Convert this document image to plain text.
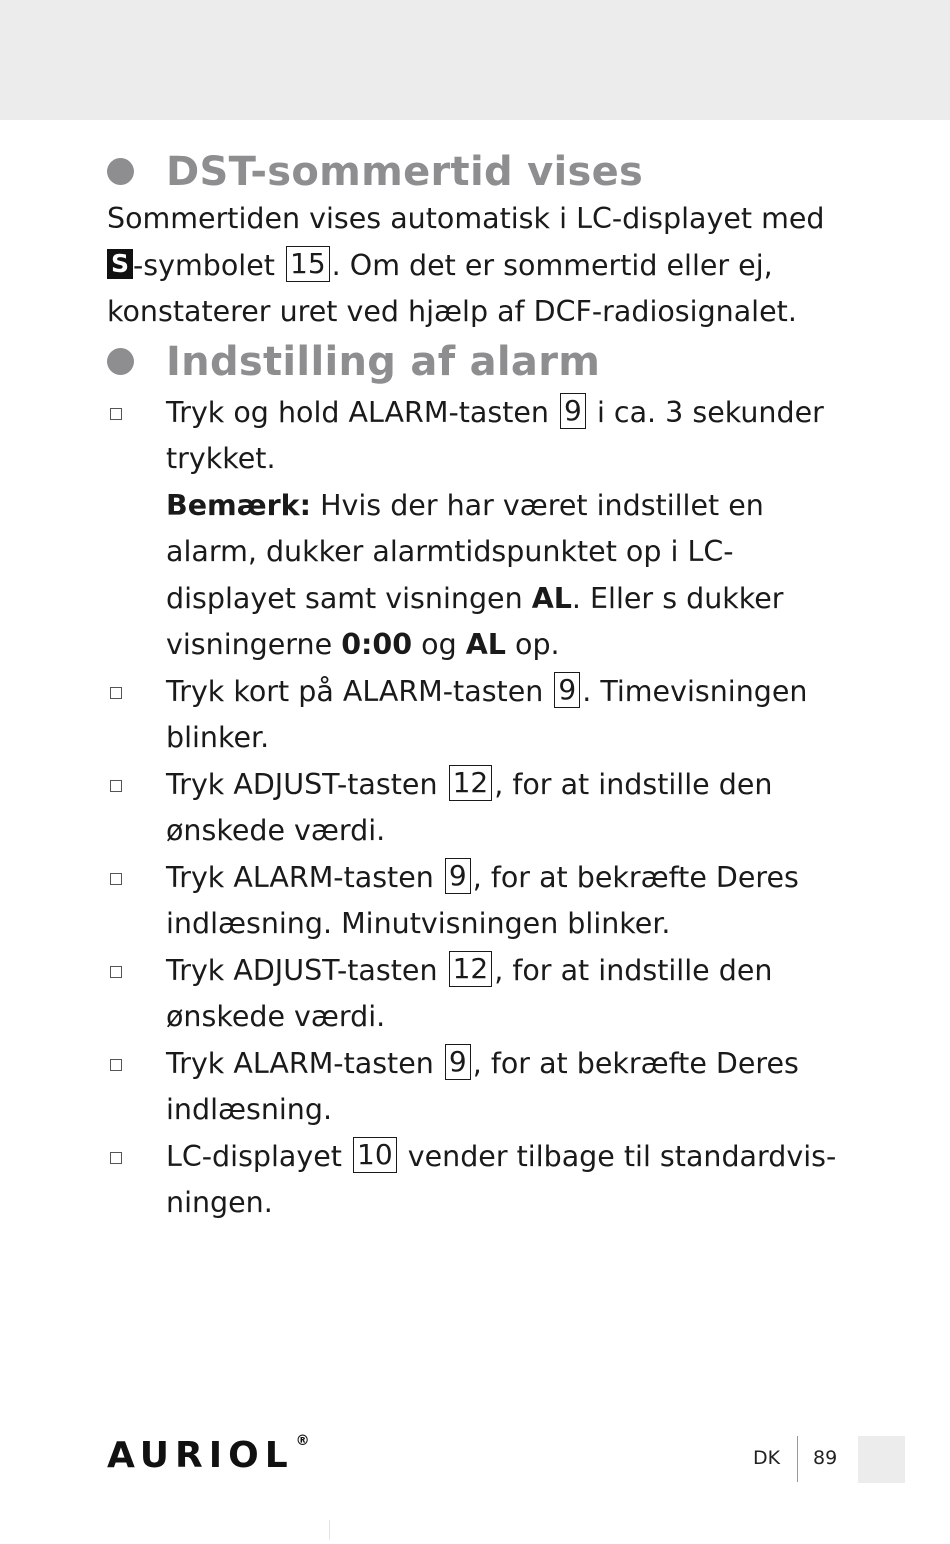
DST-sommertid vises

Sommertiden vises automatisk i LC-displayet med
S -symbolet 15 . Om det er sommertid eller ej,
konstaterer uret ved hjælp af DCF-radiosignalet.

Indstilling af alarm
Tryk og hold ALARM-tasten 9 i ca. 3 sekunder trykket.
Bemærk: Hvis der har været indstillet en alarm, dukker alarmtidspunktet op i LC-displayet samt visningen AL. Eller s dukker visningerne 0:00 og AL op.
Tryk kort på ALARM-tasten 9 . Timevisningen blinker.
Tryk ADJUST-tasten 12 , for at indstille den ønskede værdi.
Tryk ALARM-tasten 9 , for at bekræfte Deres indlæsning. Minutvisningen blinker.
Tryk ADJUST-tasten 12 , for at indstille den ønskede værdi.
Tryk ALARM-tasten 9 , for at bekræfte Deres indlæsning.
LC-displayet 10 vender tilbage til standardvis-ningen.
AURIOL ®
DK 89
